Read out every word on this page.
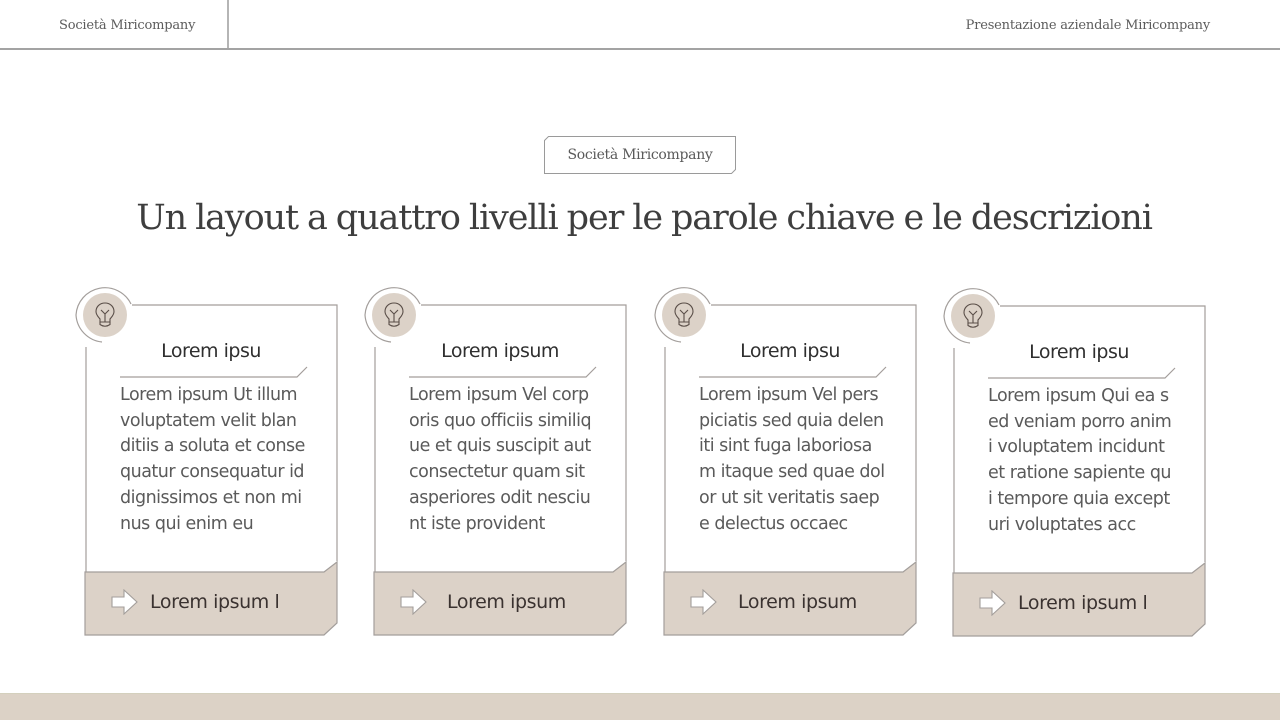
Società Miricompany	Presentazione aziendale Miricompany
Società Miricompany
Un layout a quattro livelli per le parole chiave e le descrizioni
Lorem ipsu
Lorem ipsum Ut illum voluptatem velit blanditiis a soluta et consequatur consequatur id dignissimos et non minus qui enim eu
Lorem ipsum l
Lorem ipsum
Lorem ipsum Vel corporis quo officiis similique et quis suscipit aut consectetur quam sit asperiores odit nesciunt iste provident
Lorem ipsum
Lorem ipsu
Lorem ipsum Vel perspiciatis sed quia deleniti sint fuga laboriosam itaque sed quae dolor ut sit veritatis saepe delectus occaec
Lorem ipsum
Lorem ipsu
Lorem ipsum Qui ea sed veniam porro animi voluptatem incidunt et ratione sapiente qui tempore quia excepturi voluptates acc
Lorem ipsum l
